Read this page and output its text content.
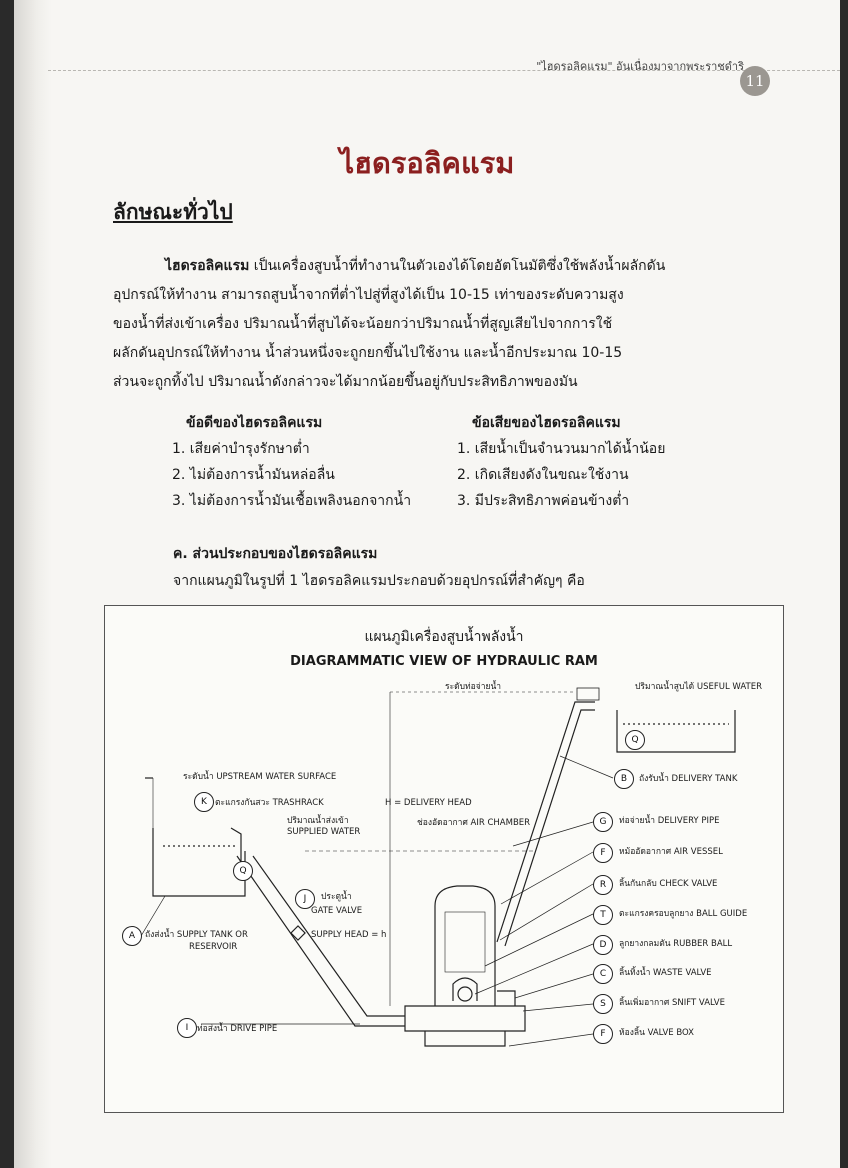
"ไฮดรอลิคแรม" อันเนื่องมาจากพระราชดำริ
11
ไฮดรอลิคแรม
ลักษณะทั่วไป
ไฮดรอลิคแรม เป็นเครื่องสูบน้ำที่ทำงานในตัวเองได้โดยอัตโนมัติซึ่งใช้พลังน้ำผลักดัน
อุปกรณ์ให้ทำงาน สามารถสูบน้ำจากที่ต่ำไปสู่ที่สูงได้เป็น 10-15 เท่าของระดับความสูง
ของน้ำที่ส่งเข้าเครื่อง ปริมาณน้ำที่สูบได้จะน้อยกว่าปริมาณน้ำที่สูญเสียไปจากการใช้
ผลักดันอุปกรณ์ให้ทำงาน น้ำส่วนหนึ่งจะถูกยกขึ้นไปใช้งาน และน้ำอีกประมาณ 10-15
ส่วนจะถูกทิ้งไป ปริมาณน้ำดังกล่าวจะได้มากน้อยขึ้นอยู่กับประสิทธิภาพของมัน
ข้อดีของไฮดรอลิคแรม
1. เสียค่าบำรุงรักษาต่ำ
2. ไม่ต้องการน้ำมันหล่อลื่น
3. ไม่ต้องการน้ำมันเชื้อเพลิงนอกจากน้ำ
ข้อเสียของไฮดรอลิคแรม
1. เสียน้ำเป็นจำนวนมากได้น้ำน้อย
2. เกิดเสียงดังในขณะใช้งาน
3. มีประสิทธิภาพค่อนข้างต่ำ
ค. ส่วนประกอบของไฮดรอลิคแรม
จากแผนภูมิในรูปที่ 1 ไฮดรอลิคแรมประกอบด้วยอุปกรณ์ที่สำคัญๆ คือ
แผนภูมิเครื่องสูบน้ำพลังน้ำ
DIAGRAMMATIC VIEW OF HYDRAULIC RAM
ระดับท่อจ่ายน้ำ	ปริมาณน้ำสูบได้ USEFUL WATER
ระดับน้ำ UPSTREAM WATER SURFACE
ตะแกรงกันสวะ TRASHRACK	H = DELIVERY HEAD
ปริมาณน้ำส่งเข้า
SUPPLIED WATER
ช่องอัดอากาศ AIR CHAMBER
ประตูน้ำ
GATE VALVE
SUPPLY HEAD = h
ถังส่งน้ำ SUPPLY TANK OR
RESERVOIR
ท่อส่งน้ำ DRIVE PIPE
ถังรับน้ำ DELIVERY TANK
ท่อจ่ายน้ำ DELIVERY PIPE
หม้ออัดอากาศ AIR VESSEL
ลิ้นกันกลับ CHECK VALVE
ตะแกรงครอบลูกยาง BALL GUIDE
ลูกยางกลมตัน RUBBER BALL
ลิ้นทิ้งน้ำ WASTE VALVE
ลิ้นเพิ่มอากาศ SNIFT VALVE
ห้องลิ้น VALVE BOX
Q
B
K
G
F
Q
R
J
T
A
D
C
S
I
F
